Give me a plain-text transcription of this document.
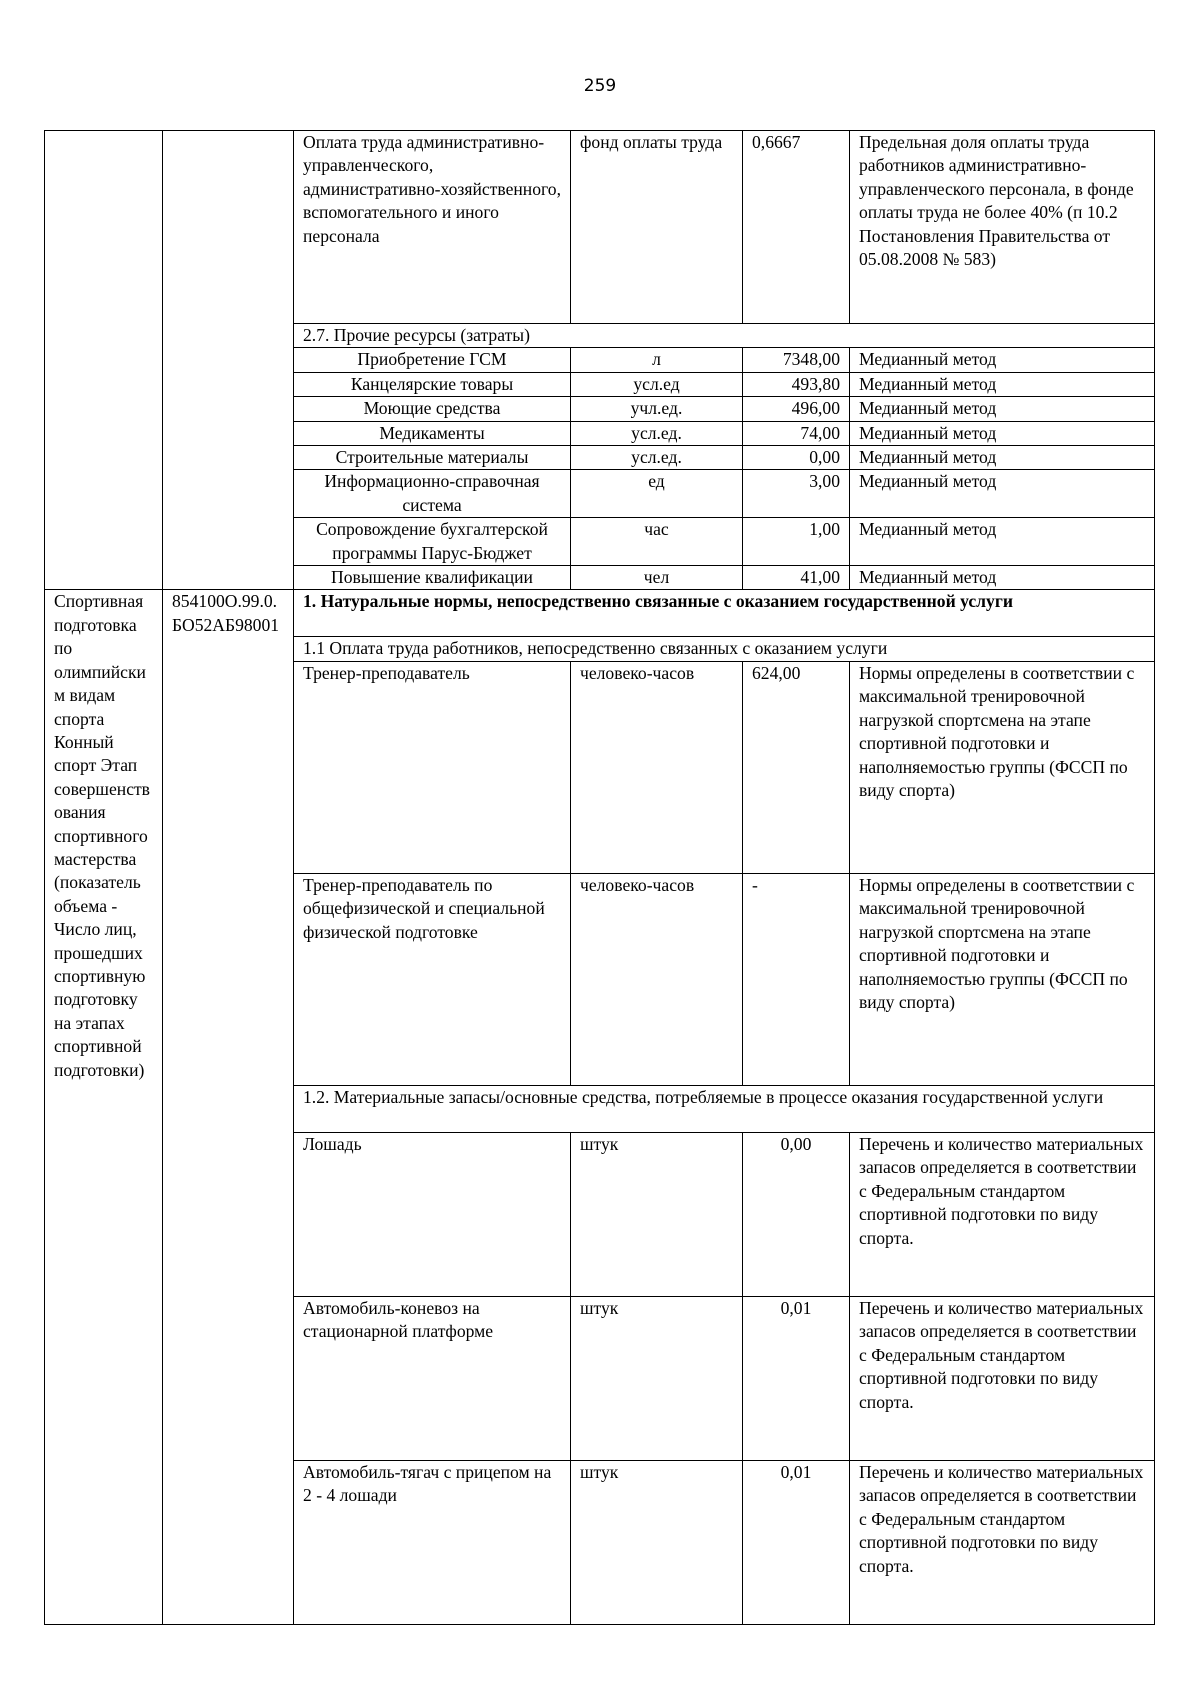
259
		Оплата труда административно-управленческого, административно-хозяйственного, вспомогательного и иного персонала	фонд оплаты труда	0,6667	Предельная доля оплаты труда работников административно-управленческого персонала, в фонде оплаты труда не более 40% (п 10.2 Постановления Правительства от 05.08.2008 № 583)
		2.7. Прочие ресурсы (затраты)			
		Приобретение ГСМ	л	7348,00	Медианный метод
		Канцелярские товары	усл.ед	493,80	Медианный метод
		Моющие средства	учл.ед.	496,00	Медианный метод
		Медикаменты	усл.ед.	74,00	Медианный метод
		Строительные материалы	усл.ед.	0,00	Медианный метод
		Информационно-справочная система	ед	3,00	Медианный метод
		Сопровождение бухгалтерской программы Парус-Бюджет	час	1,00	Медианный метод
		Повышение квалификации	чел	41,00	Медианный метод
Спортивная подготовка по олимпийским видам спорта Конный спорт Этап совершенствования спортивного мастерства (показатель объема - Число лиц, прошедших спортивную подготовку на этапах спортивной подготовки)	854100О.99.0.БО52АБ98001	1. Натуральные нормы, непосредственно связанные с оказанием государственной услуги			
		1.1 Оплата труда работников, непосредственно связанных с оказанием услуги			
		Тренер-преподаватель	человеко-часов	624,00	Нормы определены в соответствии с максимальной тренировочной нагрузкой спортсмена на этапе спортивной подготовки и наполняемостью группы (ФССП по виду спорта)
		Тренер-преподаватель по общефизической и специальной физической подготовке	человеко-часов	-	Нормы определены в соответствии с максимальной тренировочной нагрузкой спортсмена на этапе спортивной подготовки и наполняемостью группы (ФССП по виду спорта)
		1.2. Материальные запасы/основные средства, потребляемые в процессе оказания государственной услуги			
		Лошадь	штук	0,00	Перечень и количество материальных запасов определяется в соответствии с Федеральным стандартом спортивной подготовки по виду спорта.
		Автомобиль-коневоз на стационарной платформе	штук	0,01	Перечень и количество материальных запасов определяется в соответствии с Федеральным стандартом спортивной подготовки по виду спорта.
		Автомобиль-тягач с прицепом на 2 - 4 лошади	штук	0,01	Перечень и количество материальных запасов определяется в соответствии с Федеральным стандартом спортивной подготовки по виду спорта.
